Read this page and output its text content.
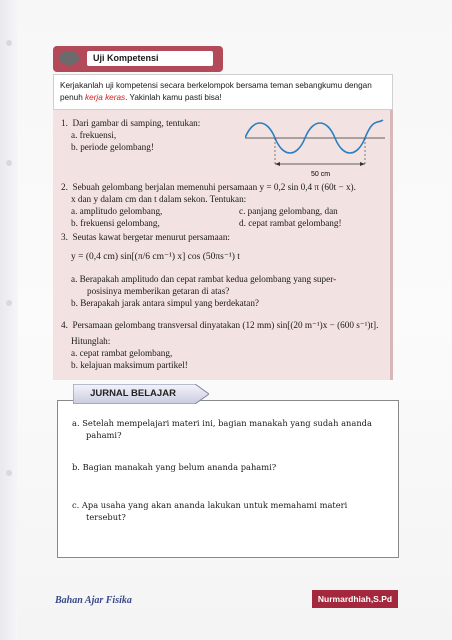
Uji Kompetensi
Kerjakanlah uji kompetensi secara berkelompok bersama teman sebangkumu dengan penuh kerja keras. Yakinlah kamu pasti bisa!
1. Dari gambar di samping, tentukan:
a. frekuensi,
b. periode gelombang!
50 cm
2. Sebuah gelombang berjalan memenuhi persamaan y = 0,2 sin 0,4 π (60t − x).
x dan y dalam cm dan t dalam sekon. Tentukan:
a. amplitudo gelombang,
b. frekuensi gelombang,
c. panjang gelombang, dan
d. cepat rambat gelombang!
3. Seutas kawat bergetar menurut persamaan:
y = (0,4 cm) sin[(π/6 cm⁻¹) x] cos (50πs⁻¹) t
a. Berapakah amplitudo dan cepat rambat kedua gelombang yang super-
posisinya memberikan getaran di atas?
b. Berapakah jarak antara simpul yang berdekatan?
4. Persamaan gelombang transversal dinyatakan (12 mm) sin[(20 m⁻¹)x − (600 s⁻¹)t].
Hitunglah:
a. cepat rambat gelombang,
b. kelajuan maksimum partikel!
a. Setelah mempelajari materi ini, bagian manakah yang sudah ananda
pahami?
b. Bagian manakah yang belum ananda pahami?
c. Apa usaha yang akan ananda lakukan untuk memahami materi
tersebut?
JURNAL BELAJAR
Bahan Ajar Fisika	Nurmardhiah,S.Pd
